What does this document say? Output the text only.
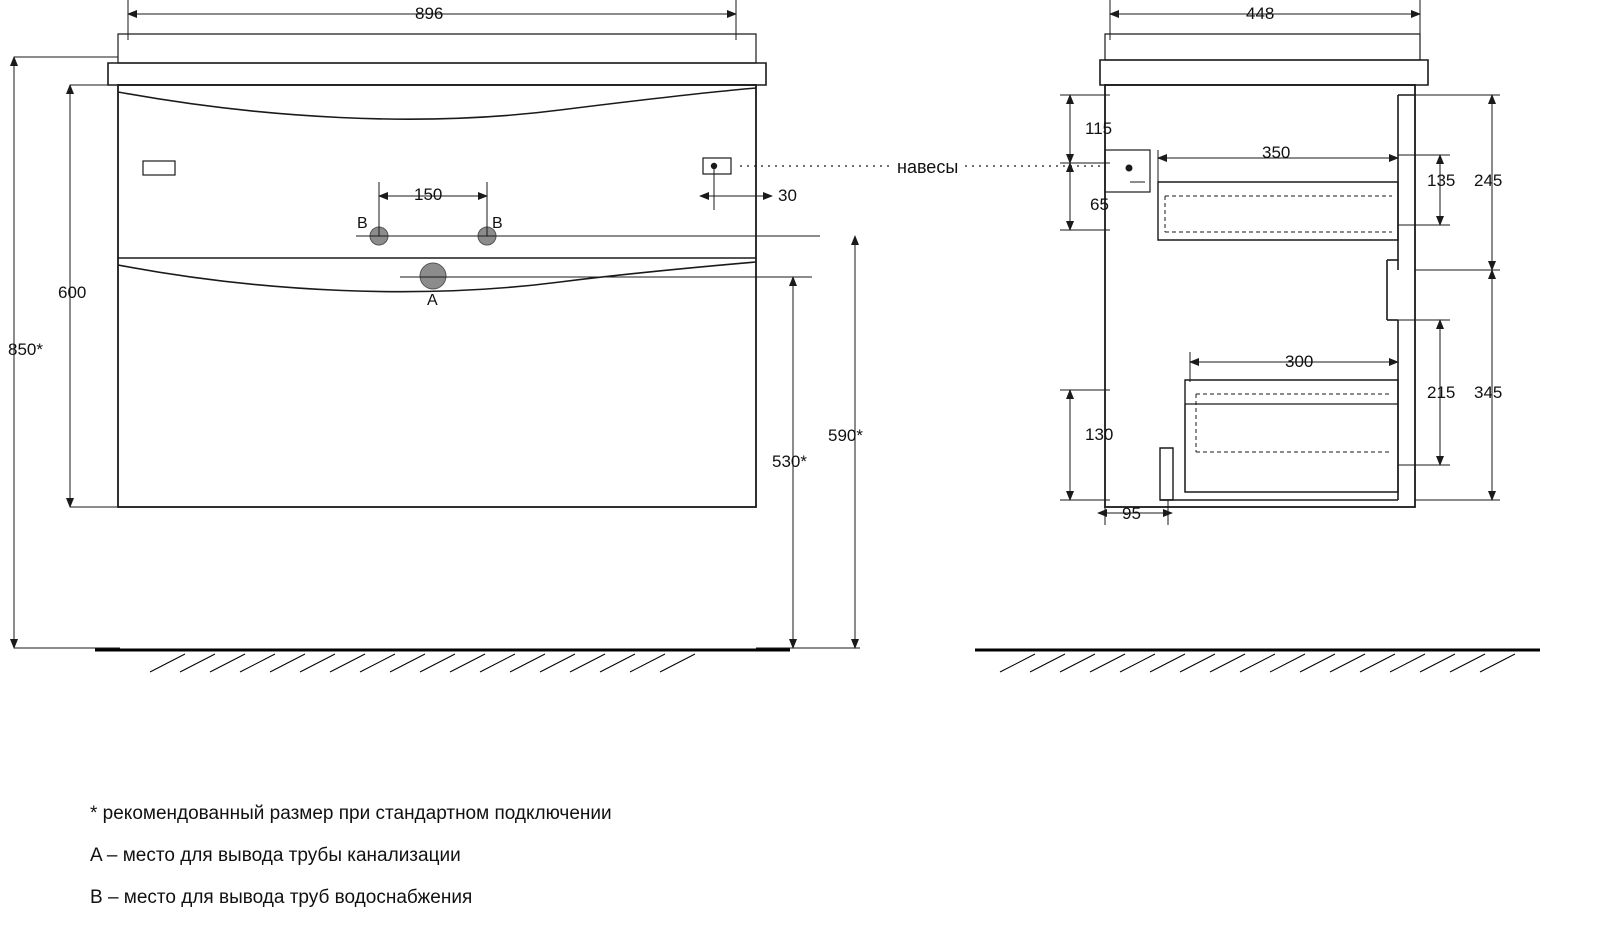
896
600
850*
150	30
530*
590*
448
115
65
130
95
350
300
135 245
215 345
навесы
B	B
A
* рекомендованный размер при стандартном подключении
A – место для вывода трубы канализации
B – место для вывода труб водоснабжения
